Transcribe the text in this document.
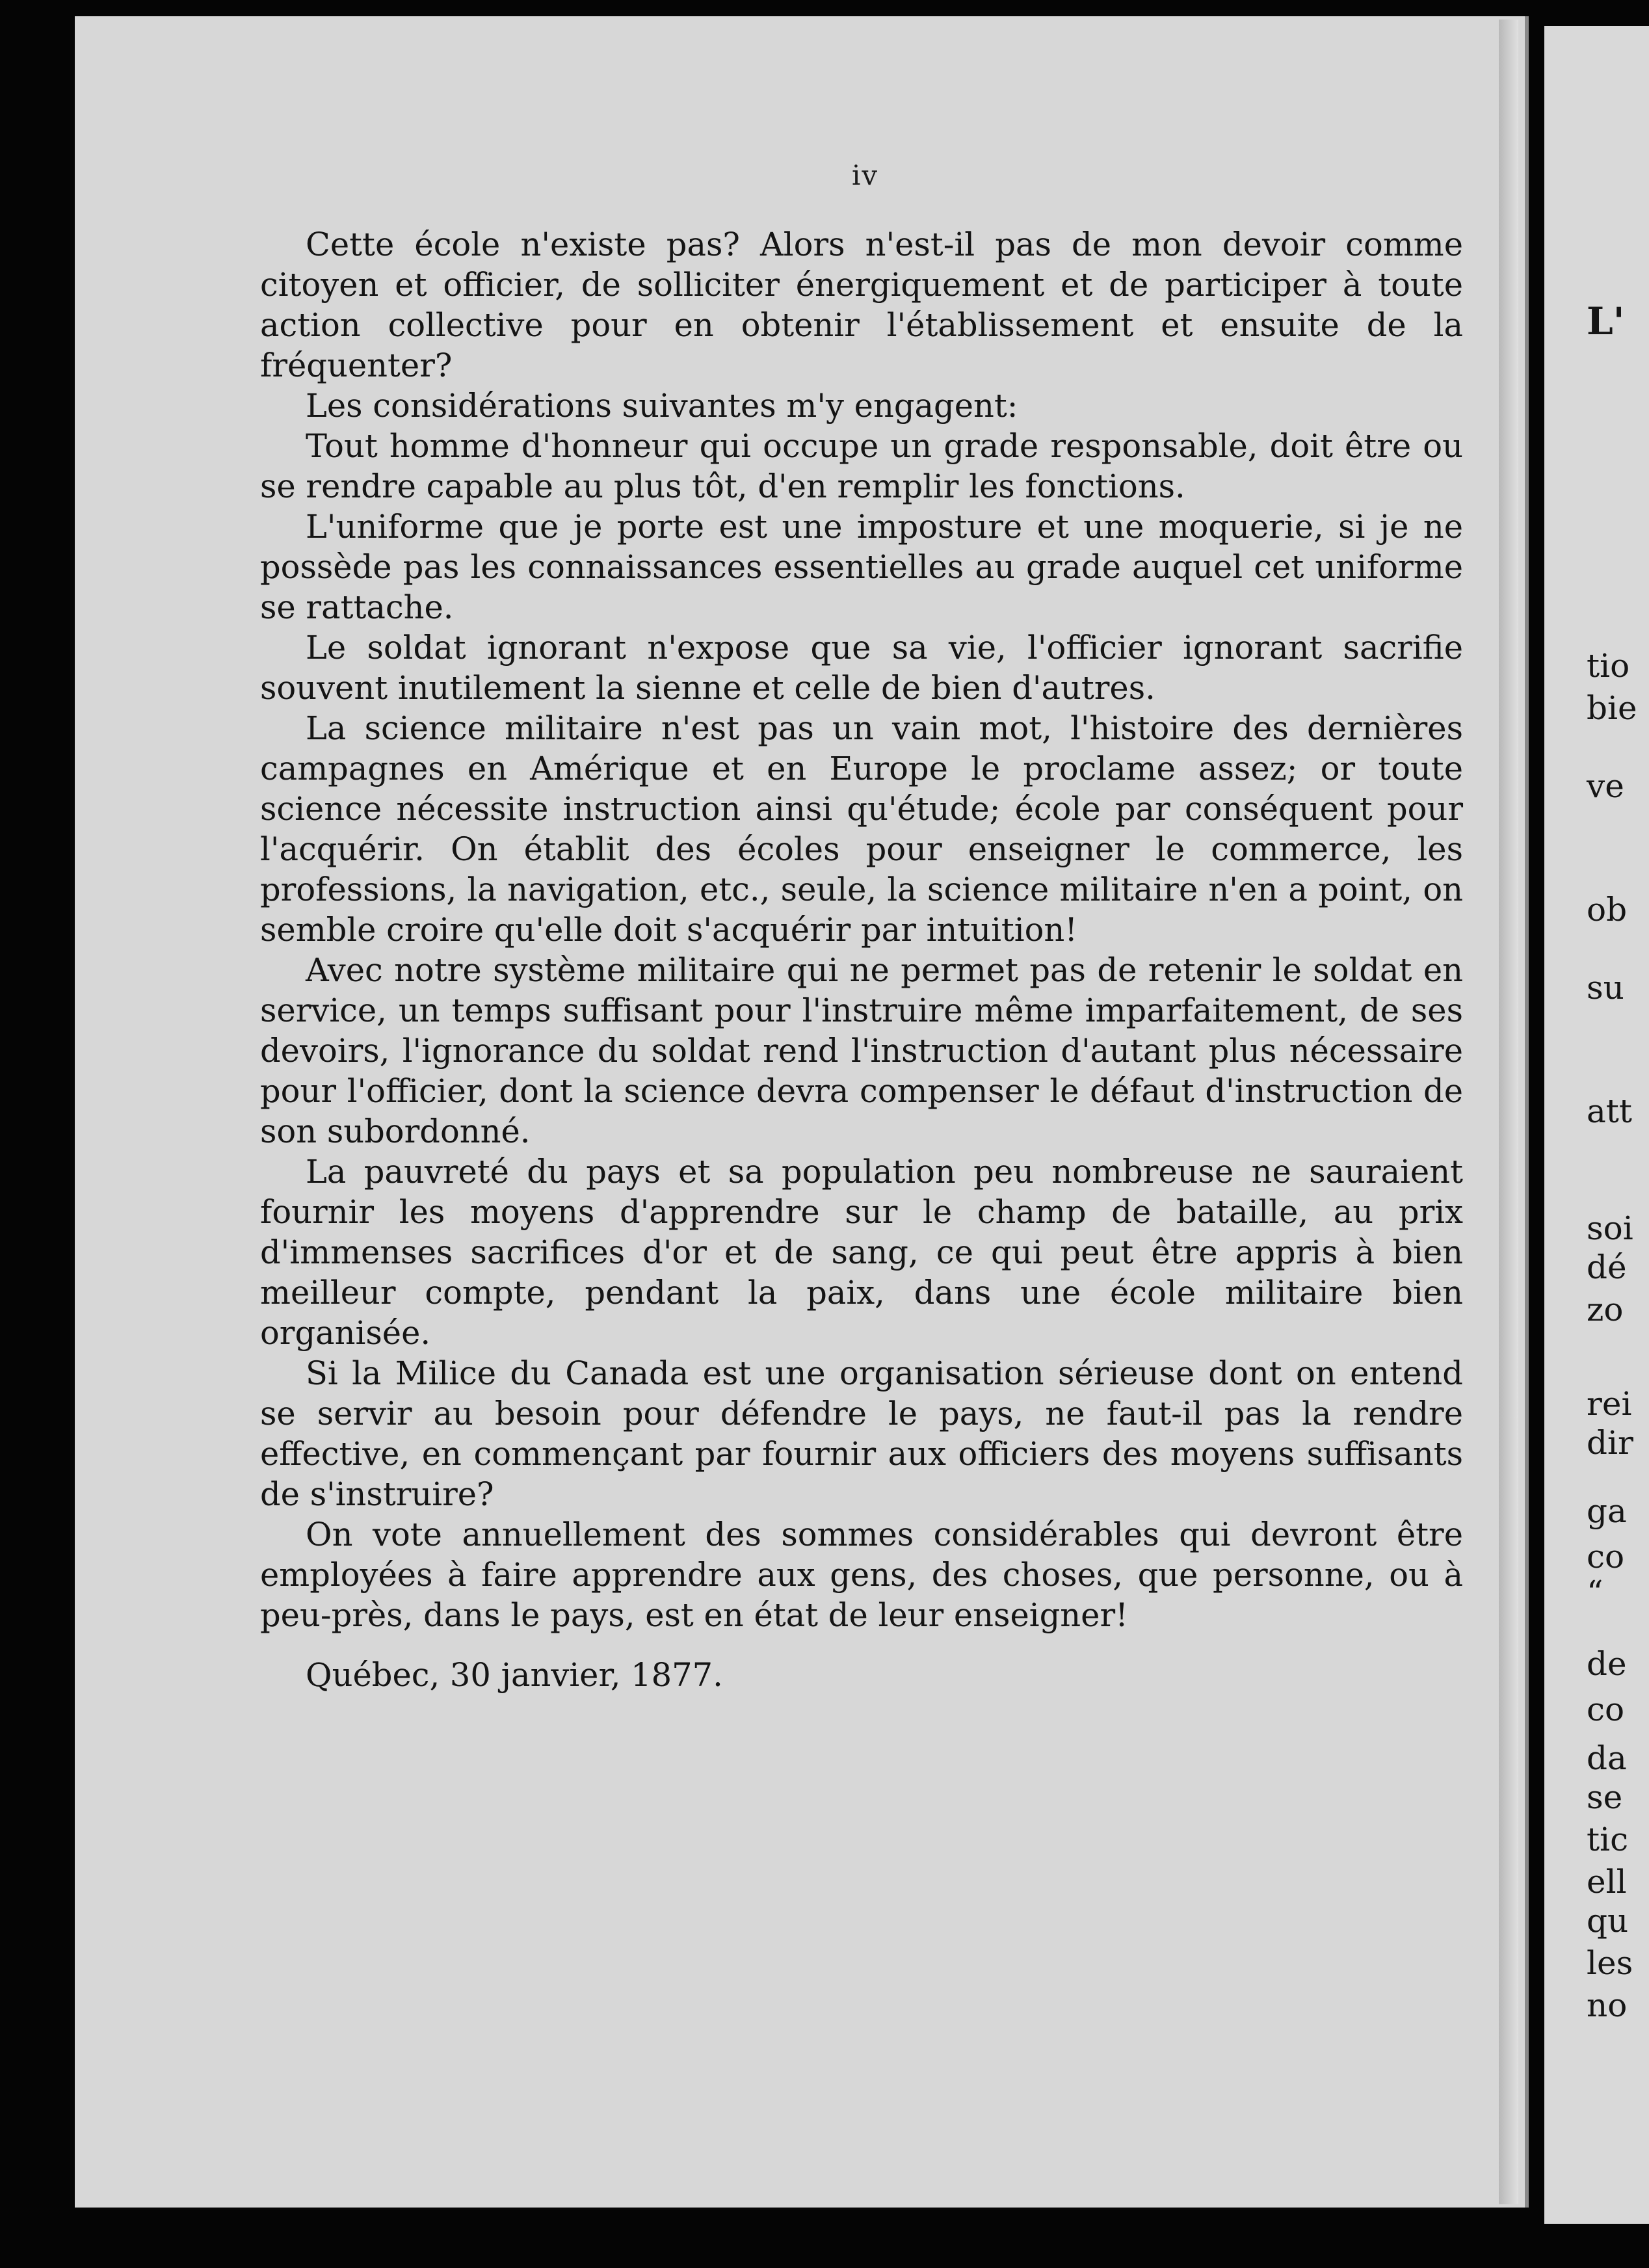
iv

Cette école n'existe pas? Alors n'est-il pas de mon devoir comme citoyen et officier, de solliciter énergiquement et de participer à toute action collective pour en obtenir l'établissement et ensuite de la fréquenter?

Les considérations suivantes m'y engagent:

Tout homme d'honneur qui occupe un grade responsable, doit être ou se rendre capable au plus tôt, d'en remplir les fonctions.

L'uniforme que je porte est une imposture et une moquerie, si je ne possède pas les connaissances essentielles au grade auquel cet uniforme se rattache.

Le soldat ignorant n'expose que sa vie, l'officier ignorant sacrifie souvent inutilement la sienne et celle de bien d'autres.

La science militaire n'est pas un vain mot, l'histoire des dernières campagnes en Amérique et en Europe le proclame assez; or toute science nécessite instruction ainsi qu'étude; école par conséquent pour l'acquérir. On établit des écoles pour enseigner le commerce, les professions, la navigation, etc., seule, la science militaire n'en a point, on semble croire qu'elle doit s'acquérir par intuition!

Avec notre système militaire qui ne permet pas de retenir le soldat en service, un temps suffisant pour l'instruire même imparfaitement, de ses devoirs, l'ignorance du soldat rend l'instruction d'autant plus nécessaire pour l'officier, dont la science devra compenser le défaut d'instruction de son subordonné.

La pauvreté du pays et sa population peu nombreuse ne sauraient fournir les moyens d'apprendre sur le champ de bataille, au prix d'immenses sacrifices d'or et de sang, ce qui peut être appris à bien meilleur compte, pendant la paix, dans une école militaire bien organisée.

Si la Milice du Canada est une organisation sérieuse dont on entend se servir au besoin pour défendre le pays, ne faut-il pas la rendre effective, en commençant par fournir aux officiers des moyens suffisants de s'instruire?

On vote annuellement des sommes considérables qui devront être employées à faire apprendre aux gens, des choses, que personne, ou à peu-près, dans le pays, est en état de leur enseigner!

Québec, 30 janvier, 1877.

L'
tio
bie
ve
ob
su
att
soi
dé
zo
rei
dir
ga
co
“
de
co
da
se
tic
ell
qu
les
no
